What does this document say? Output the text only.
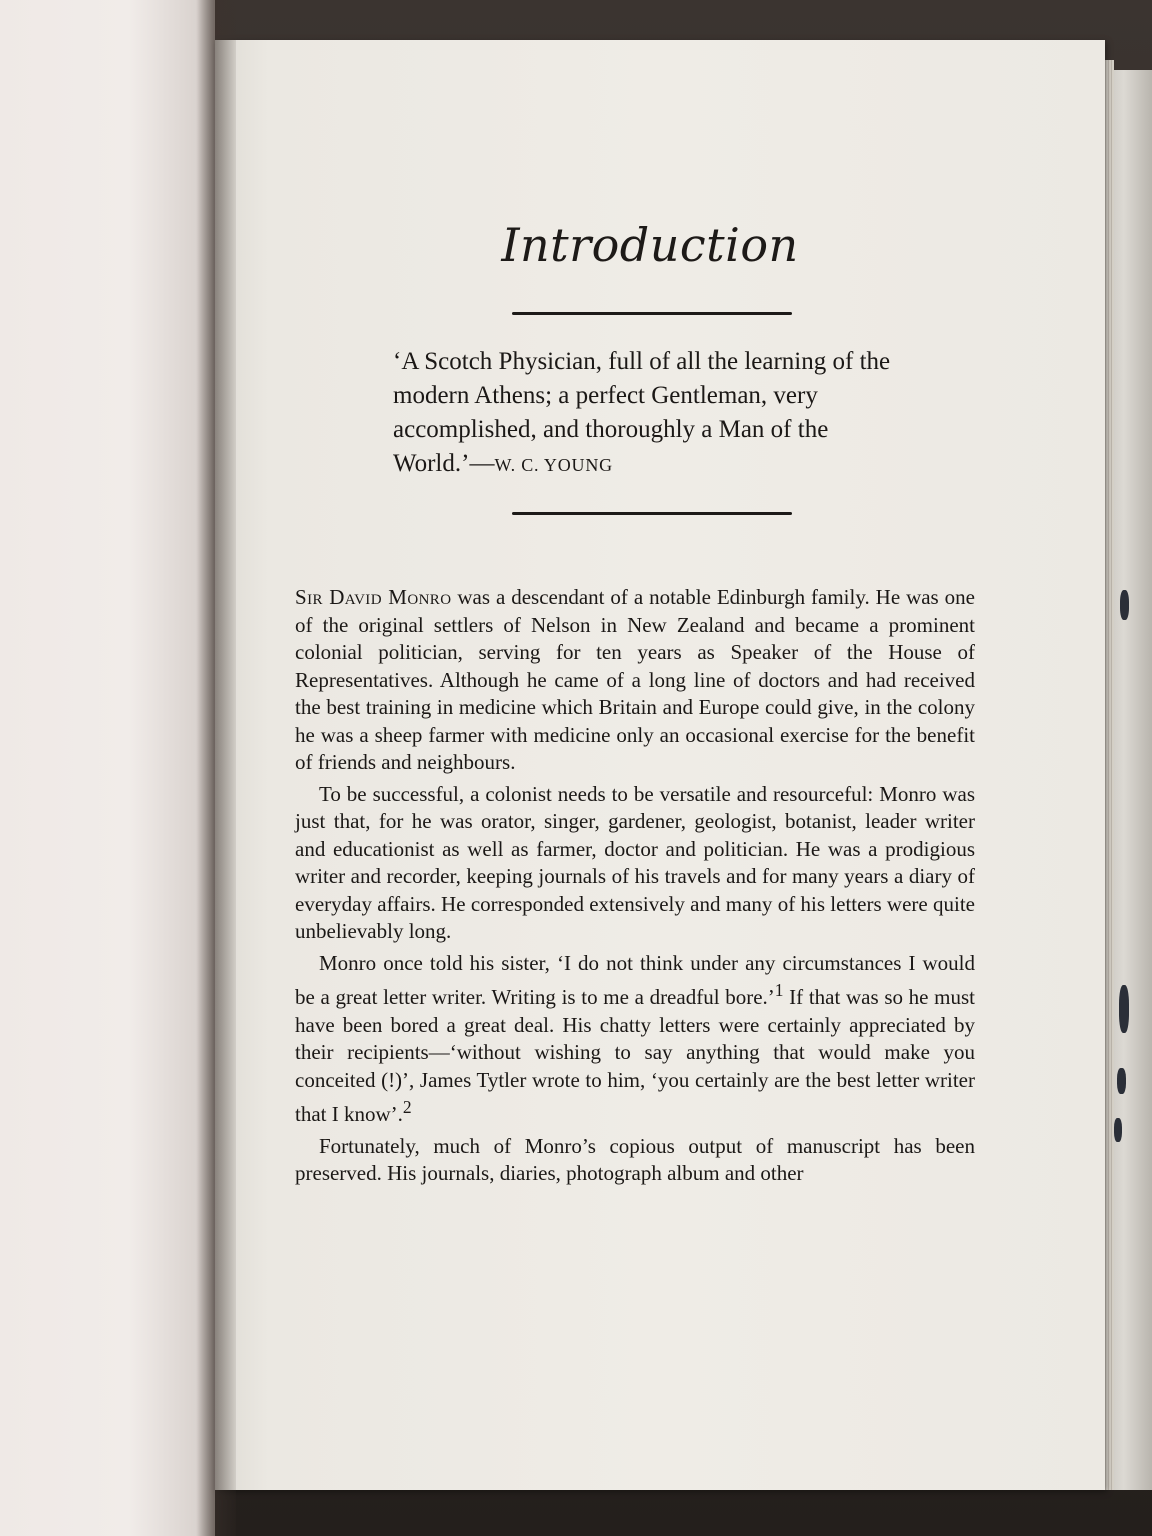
Introduction

‘A Scotch Physician, full of all the learning of the modern Athens; a perfect Gentleman, very accomplished, and thoroughly a Man of the World.’—W. C. YOUNG

Sir David Monro was a descendant of a notable Edinburgh family. He was one of the original settlers of Nelson in New Zealand and became a prominent colonial politician, serving for ten years as Speaker of the House of Representatives. Although he came of a long line of doctors and had received the best training in medicine which Britain and Europe could give, in the colony he was a sheep farmer with medicine only an occasional exercise for the benefit of friends and neighbours.

To be successful, a colonist needs to be versatile and resourceful: Monro was just that, for he was orator, singer, gardener, geologist, botanist, leader writer and educationist as well as farmer, doctor and politician. He was a prodigious writer and recorder, keeping journals of his travels and for many years a diary of everyday affairs. He corresponded extensively and many of his letters were quite unbelievably long.

Monro once told his sister, ‘I do not think under any circumstances I would be a great letter writer. Writing is to me a dreadful bore.’$^1$ If that was so he must have been bored a great deal. His chatty letters were certainly appreciated by their recipients—‘without wishing to say anything that would make you conceited (!)’, James Tytler wrote to him, ‘you certainly are the best letter writer that I know’.$^2$

Fortunately, much of Monro’s copious output of manuscript has been preserved. His journals, diaries, photograph album and other
